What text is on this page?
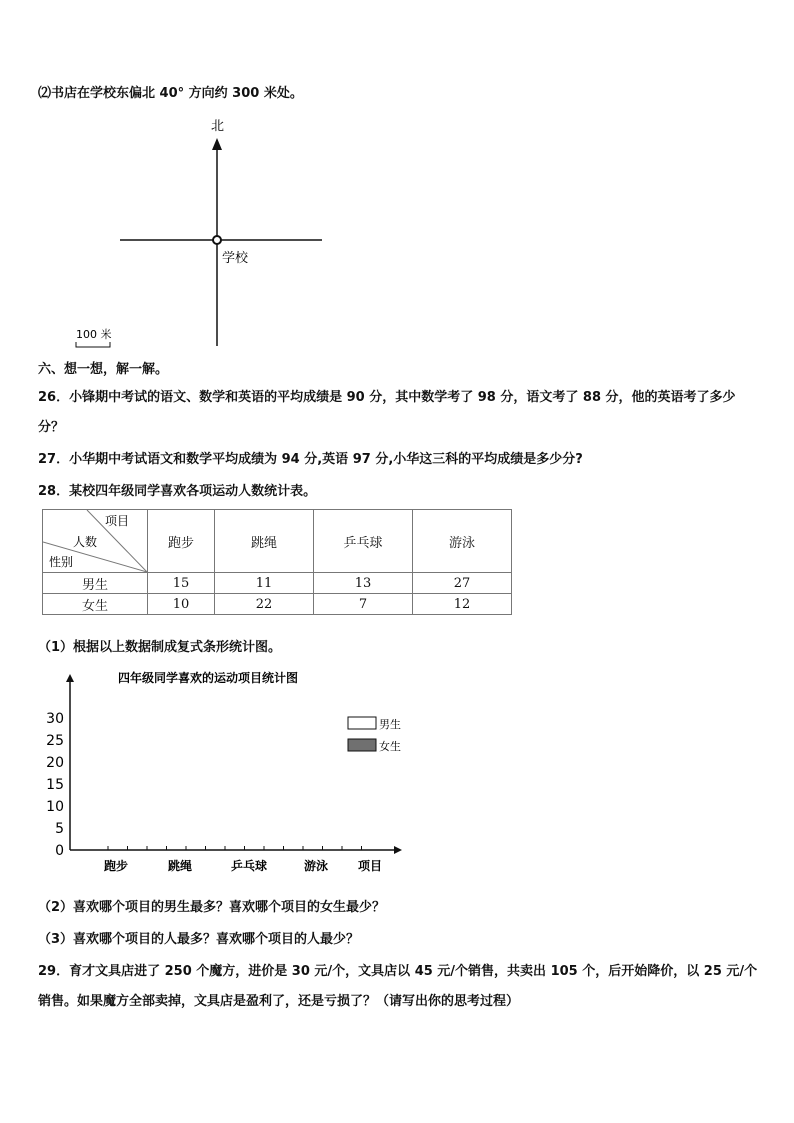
⑵书店在学校东偏北 40° 方向约 300 米处。
北
学校
100 米
六、想一想，解一解。
26．小锋期中考试的语文、数学和英语的平均成绩是 90 分，其中数学考了 98 分，语文考了 88 分，他的英语考了多少
分？
27．小华期中考试语文和数学平均成绩为 94 分,英语 97 分,小华这三科的平均成绩是多少分?
28．某校四年级同学喜欢各项运动人数统计表。
项目
人数
性别	跑步	跳绳	乒乓球	游泳
男生	15	11	13	27
女生	10	22	7	12
（1）根据以上数据制成复式条形统计图。
四年级同学喜欢的运动项目统计图
0
5
10
15
20
25
30
跑步	跳绳	乒乓球	游泳 项目
男生
女生
（2）喜欢哪个项目的男生最多？喜欢哪个项目的女生最少？
（3）喜欢哪个项目的人最多？喜欢哪个项目的人最少？
29．育才文具店进了 250 个魔方，进价是 30 元/个，文具店以 45 元/个销售，共卖出 105 个，后开始降价，以 25 元/个
销售。如果魔方全部卖掉，文具店是盈利了，还是亏损了？（请写出你的思考过程）
